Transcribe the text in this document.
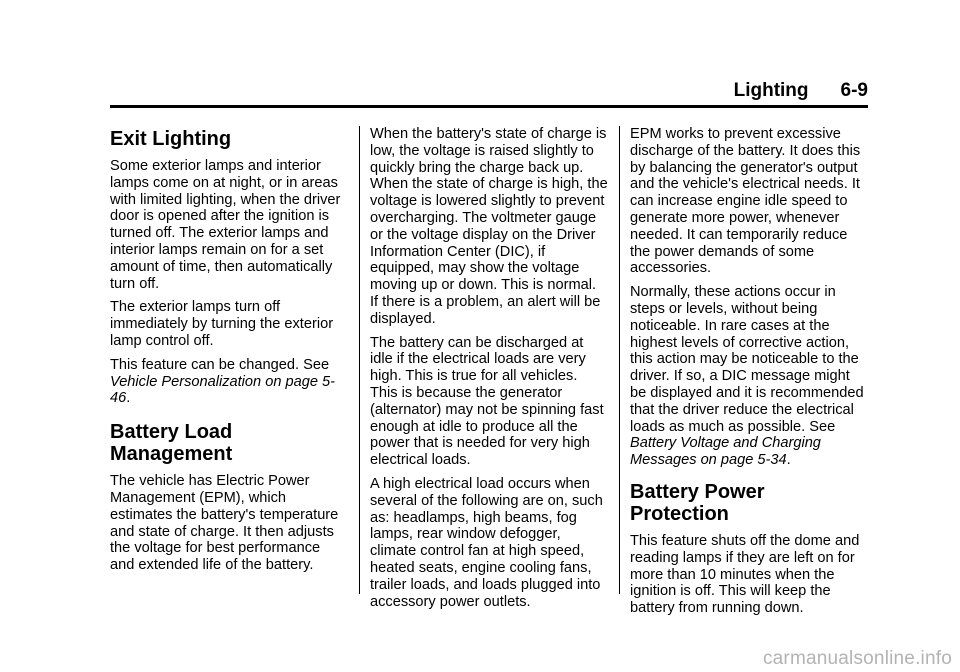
Lighting 6-9
Exit Lighting

Some exterior lamps and interior lamps come on at night, or in areas with limited lighting, when the driver door is opened after the ignition is turned off. The exterior lamps and interior lamps remain on for a set amount of time, then automatically turn off.

The exterior lamps turn off immediately by turning the exterior lamp control off.

This feature can be changed. See Vehicle Personalization on page 5-46.

Battery Load Management

The vehicle has Electric Power Management (EPM), which estimates the battery's temperature and state of charge. It then adjusts the voltage for best performance and extended life of the battery.

When the battery's state of charge is low, the voltage is raised slightly to quickly bring the charge back up. When the state of charge is high, the voltage is lowered slightly to prevent overcharging. The voltmeter gauge or the voltage display on the Driver Information Center (DIC), if equipped, may show the voltage moving up or down. This is normal. If there is a problem, an alert will be displayed.

The battery can be discharged at idle if the electrical loads are very high. This is true for all vehicles. This is because the generator (alternator) may not be spinning fast enough at idle to produce all the power that is needed for very high electrical loads.

A high electrical load occurs when several of the following are on, such as: headlamps, high beams, fog lamps, rear window defogger, climate control fan at high speed, heated seats, engine cooling fans, trailer loads, and loads plugged into accessory power outlets.

EPM works to prevent excessive discharge of the battery. It does this by balancing the generator's output and the vehicle's electrical needs. It can increase engine idle speed to generate more power, whenever needed. It can temporarily reduce the power demands of some accessories.

Normally, these actions occur in steps or levels, without being noticeable. In rare cases at the highest levels of corrective action, this action may be noticeable to the driver. If so, a DIC message might be displayed and it is recommended that the driver reduce the electrical loads as much as possible. See Battery Voltage and Charging Messages on page 5-34.

Battery Power Protection

This feature shuts off the dome and reading lamps if they are left on for more than 10 minutes when the ignition is off. This will keep the battery from running down.

carmanualsonline.info
